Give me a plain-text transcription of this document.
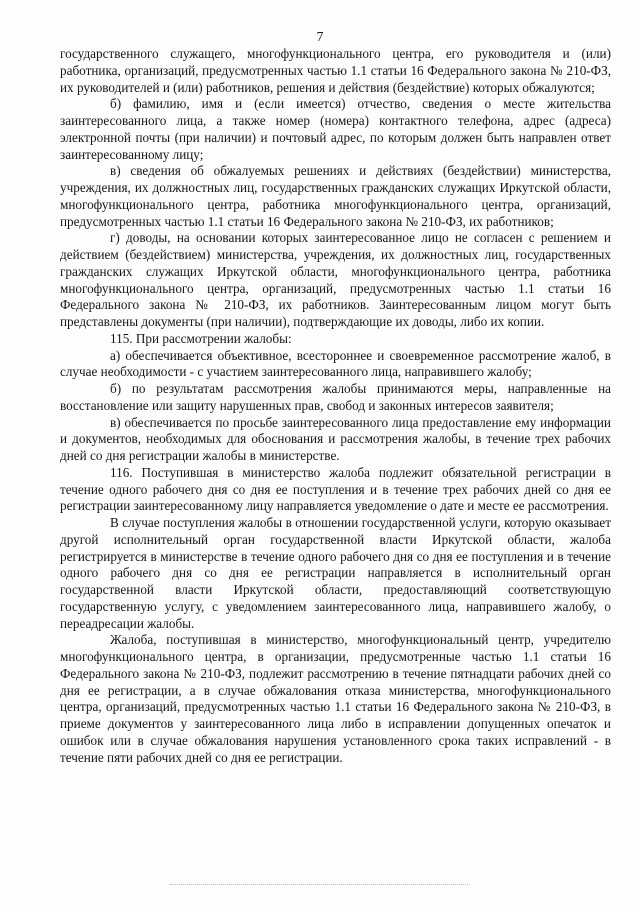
7

государственного служащего, многофункционального центра, его руководителя и (или) работника, организаций, предусмотренных частью 1.1 статьи 16 Федерального закона № 210-ФЗ, их руководителей и (или) работников, решения и действия (бездействие) которых обжалуются;

б) фамилию, имя и (если имеется) отчество, сведения о месте жительства заинтересованного лица, а также номер (номера) контактного телефона, адрес (адреса) электронной почты (при наличии) и почтовый адрес, по которым должен быть направлен ответ заинтересованному лицу;

в) сведения об обжалуемых решениях и действиях (бездействии) министерства, учреждения, их должностных лиц, государственных гражданских служащих Иркутской области, многофункционального центра, работника многофункционального центра, организаций, предусмотренных частью 1.1 статьи 16 Федерального закона № 210-ФЗ, их работников;

г) доводы, на основании которых заинтересованное лицо не согласен с решением и действием (бездействием) министерства, учреждения, их должностных лиц, государственных гражданских служащих Иркутской области, многофункционального центра, работника многофункционального центра, организаций, предусмотренных частью 1.1 статьи 16 Федерального закона № 210-ФЗ, их работников. Заинтересованным лицом могут быть представлены документы (при наличии), подтверждающие их доводы, либо их копии.

115. При рассмотрении жалобы:

а) обеспечивается объективное, всестороннее и своевременное рассмотрение жалоб, в случае необходимости - с участием заинтересованного лица, направившего жалобу;

б) по результатам рассмотрения жалобы принимаются меры, направленные на восстановление или защиту нарушенных прав, свобод и законных интересов заявителя;

в) обеспечивается по просьбе заинтересованного лица предоставление ему информации и документов, необходимых для обоснования и рассмотрения жалобы, в течение трех рабочих дней со дня регистрации жалобы в министерстве.

116. Поступившая в министерство жалоба подлежит обязательной регистрации в течение одного рабочего дня со дня ее поступления и в течение трех рабочих дней со дня ее регистрации заинтересованному лицу направляется уведомление о дате и месте ее рассмотрения.

В случае поступления жалобы в отношении государственной услуги, которую оказывает другой исполнительный орган государственной власти Иркутской области, жалоба регистрируется в министерстве в течение одного рабочего дня со дня ее поступления и в течение одного рабочего дня со дня ее регистрации направляется в исполнительный орган государственной власти Иркутской области, предоставляющий соответствующую государственную услугу, с уведомлением заинтересованного лица, направившего жалобу, о переадресации жалобы.

Жалоба, поступившая в министерство, многофункциональный центр, учредителю многофункционального центра, в организации, предусмотренные частью 1.1 статьи 16 Федерального закона № 210-ФЗ, подлежит рассмотрению в течение пятнадцати рабочих дней со дня ее регистрации, а в случае обжалования отказа министерства, многофункционального центра, организаций, предусмотренных частью 1.1 статьи 16 Федерального закона № 210-ФЗ, в приеме документов у заинтересованного лица либо в исправлении допущенных опечаток и ошибок или в случае обжалования нарушения установленного срока таких исправлений - в течение пяти рабочих дней со дня ее регистрации.
